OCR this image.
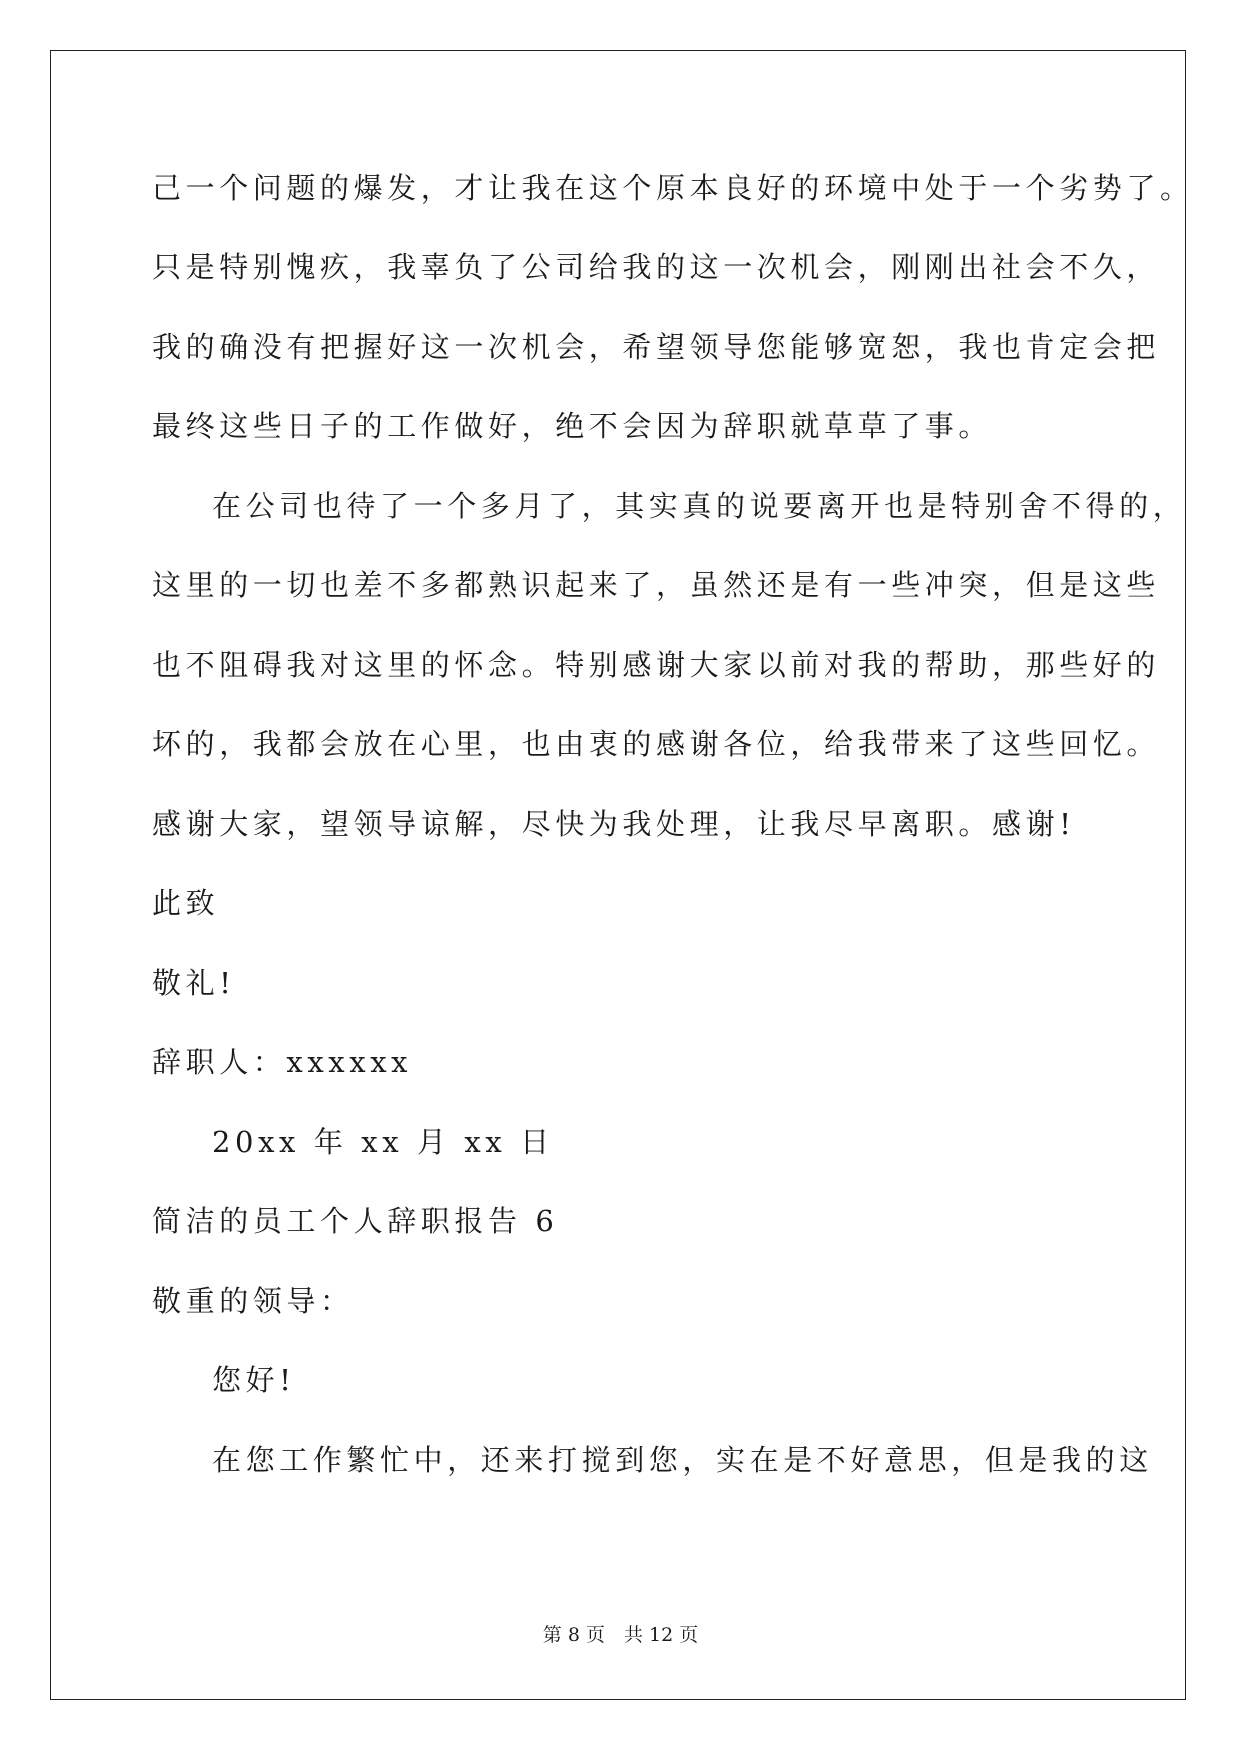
己一个问题的爆发，才让我在这个原本良好的环境中处于一个劣势了。
只是特别愧疚，我辜负了公司给我的这一次机会，刚刚出社会不久，
我的确没有把握好这一次机会，希望领导您能够宽恕，我也肯定会把
最终这些日子的工作做好，绝不会因为辞职就草草了事。
在公司也待了一个多月了，其实真的说要离开也是特别舍不得的，
这里的一切也差不多都熟识起来了，虽然还是有一些冲突，但是这些
也不阻碍我对这里的怀念。特别感谢大家以前对我的帮助，那些好的
坏的，我都会放在心里，也由衷的感谢各位，给我带来了这些回忆。
感谢大家，望领导谅解，尽快为我处理，让我尽早离职。感谢!
此致
敬礼!
辞职人：xxxxxx
20xx 年 xx 月 xx 日
简洁的员工个人辞职报告 6
敬重的领导：
您好!
在您工作繁忙中，还来打搅到您，实在是不好意思，但是我的这
第 8 页　共 12 页
